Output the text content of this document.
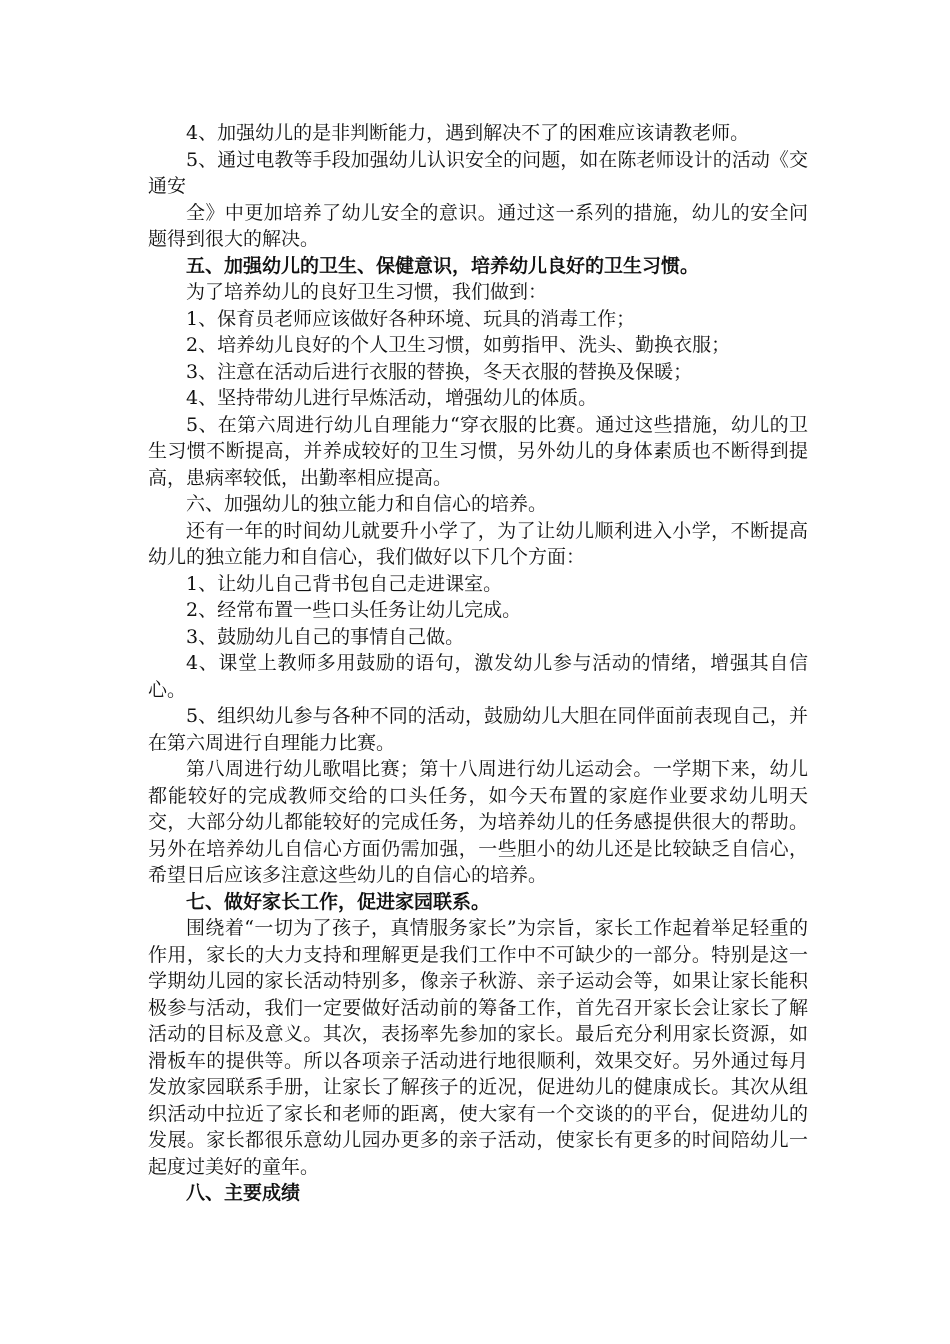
4、加强幼儿的是非判断能力，遇到解决不了的困难应该请教老师。

5、通过电教等手段加强幼儿认识安全的问题，如在陈老师设计的活动《交通安

全》中更加培养了幼儿安全的意识。通过这一系列的措施，幼儿的安全问题得到很大的解决。

五、加强幼儿的卫生、保健意识，培养幼儿良好的卫生习惯。

为了培养幼儿的良好卫生习惯，我们做到：

1、保育员老师应该做好各种环境、玩具的消毒工作；

2、培养幼儿良好的个人卫生习惯，如剪指甲、洗头、勤换衣服；

3、注意在活动后进行衣服的替换，冬天衣服的替换及保暖；

4、坚持带幼儿进行早炼活动，增强幼儿的体质。

5、在第六周进行幼儿自理能力“穿衣服的比赛。通过这些措施，幼儿的卫生习惯不断提高，并养成较好的卫生习惯，另外幼儿的身体素质也不断得到提高，患病率较低，出勤率相应提高。

六、加强幼儿的独立能力和自信心的培养。

还有一年的时间幼儿就要升小学了，为了让幼儿顺利进入小学，不断提高幼儿的独立能力和自信心，我们做好以下几个方面：

1、让幼儿自己背书包自己走进课室。

2、经常布置一些口头任务让幼儿完成。

3、鼓励幼儿自己的事情自己做。

4、课堂上教师多用鼓励的语句，激发幼儿参与活动的情绪，增强其自信心。

5、组织幼儿参与各种不同的活动，鼓励幼儿大胆在同伴面前表现自己，并在第六周进行自理能力比赛。

第八周进行幼儿歌唱比赛；第十八周进行幼儿运动会。一学期下来，幼儿都能较好的完成教师交给的口头任务，如今天布置的家庭作业要求幼儿明天交，大部分幼儿都能较好的完成任务，为培养幼儿的任务感提供很大的帮助。另外在培养幼儿自信心方面仍需加强，一些胆小的幼儿还是比较缺乏自信心，希望日后应该多注意这些幼儿的自信心的培养。

七、做好家长工作，促进家园联系。

围绕着“一切为了孩子，真情服务家长”为宗旨，家长工作起着举足轻重的作用，家长的大力支持和理解更是我们工作中不可缺少的一部分。特别是这一学期幼儿园的家长活动特别多，像亲子秋游、亲子运动会等，如果让家长能积极参与活动，我们一定要做好活动前的筹备工作，首先召开家长会让家长了解活动的目标及意义。其次，表扬率先参加的家长。最后充分利用家长资源，如滑板车的提供等。所以各项亲子活动进行地很顺利，效果交好。另外通过每月发放家园联系手册，让家长了解孩子的近况，促进幼儿的健康成长。其次从组织活动中拉近了家长和老师的距离，使大家有一个交谈的的平台，促进幼儿的发展。家长都很乐意幼儿园办更多的亲子活动，使家长有更多的时间陪幼儿一起度过美好的童年。

八、主要成绩
